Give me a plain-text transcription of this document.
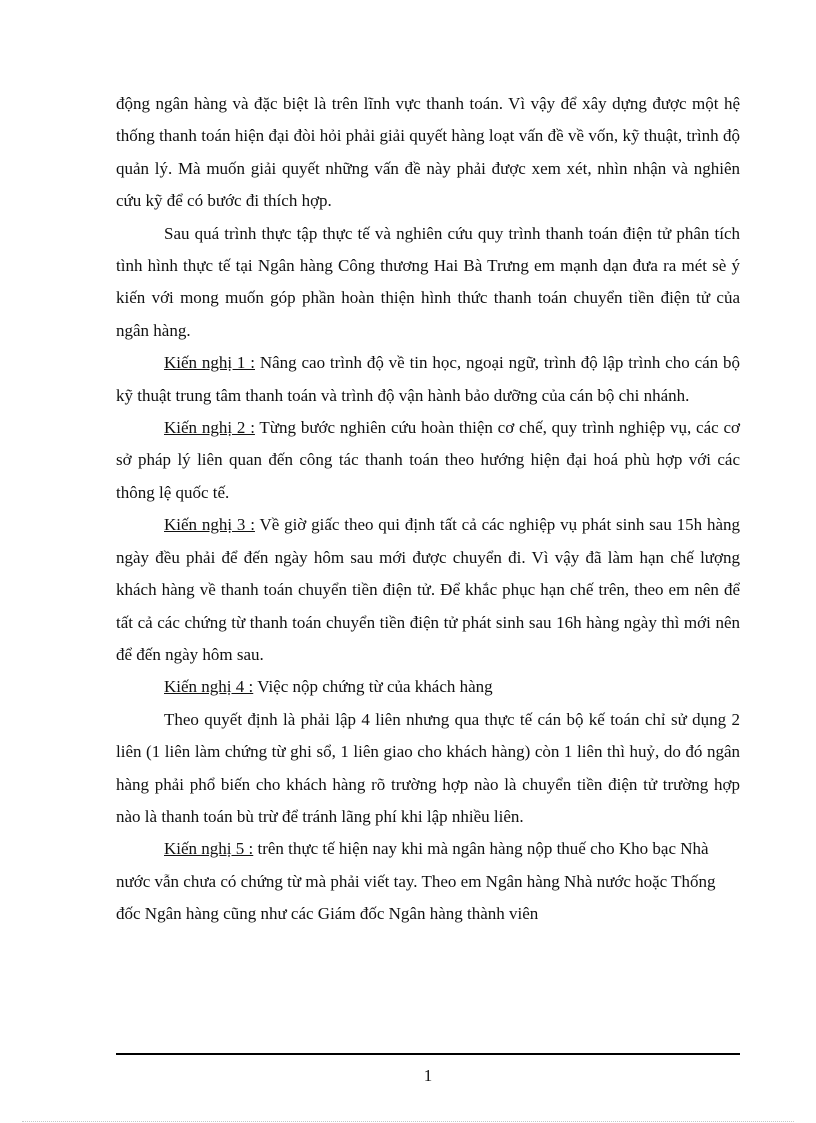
động ngân hàng và đặc biệt là trên lĩnh vực thanh toán. Vì vậy để xây dựng được một hệ thống thanh toán hiện đại đòi hỏi phải giải quyết hàng loạt vấn đề về vốn, kỹ thuật, trình độ quản lý. Mà muốn giải quyết những vấn đề này phải được xem xét, nhìn nhận và nghiên cứu kỹ để có bước đi thích hợp.

Sau quá trình thực tập thực tế và nghiên cứu quy trình thanh toán điện tử phân tích tình hình thực tế tại Ngân hàng Công thương Hai Bà Trưng em mạnh dạn đưa ra mét sè ý kiến với mong muốn góp phần hoàn thiện hình thức thanh toán chuyển tiền điện tử của ngân hàng.

Kiến nghị 1 : Nâng cao trình độ về tin học, ngoại ngữ, trình độ lập trình cho cán bộ kỹ thuật trung tâm thanh toán và trình độ vận hành bảo dưỡng của cán bộ chi nhánh.

Kiến nghị 2 : Từng bước nghiên cứu hoàn thiện cơ chế, quy trình nghiệp vụ, các cơ sở pháp lý liên quan đến công tác thanh toán theo hướng hiện đại hoá phù hợp với các thông lệ quốc tế.

Kiến nghị 3 : Về giờ giấc theo qui định tất cả các nghiệp vụ phát sinh sau 15h hàng ngày đều phải để đến ngày hôm sau mới được chuyển đi. Vì vậy đã làm hạn chế lượng khách hàng về thanh toán chuyển tiền điện tử. Để khắc phục hạn chế trên, theo em nên để tất cả các chứng từ thanh toán chuyển tiền điện tử phát sinh sau 16h hàng ngày thì mới nên để đến ngày hôm sau.

Kiến nghị 4 : Việc nộp chứng từ của khách hàng

Theo quyết định là phải lập 4 liên nhưng qua thực tế cán bộ kế toán chỉ sử dụng 2 liên (1 liên làm chứng từ ghi sổ, 1 liên giao cho khách hàng) còn 1 liên thì huỷ, do đó ngân hàng phải phổ biến cho khách hàng rõ trường hợp nào là chuyển tiền điện tử trường hợp nào là thanh toán bù trừ để tránh lãng phí khi lập nhiều liên.

Kiến nghị 5 : trên thực tế hiện nay khi mà ngân hàng nộp thuế cho Kho bạc Nhà nước vẫn chưa có chứng từ mà phải viết tay. Theo em Ngân hàng Nhà nước hoặc Thống đốc Ngân hàng cũng như các Giám đốc Ngân hàng thành viên

1
